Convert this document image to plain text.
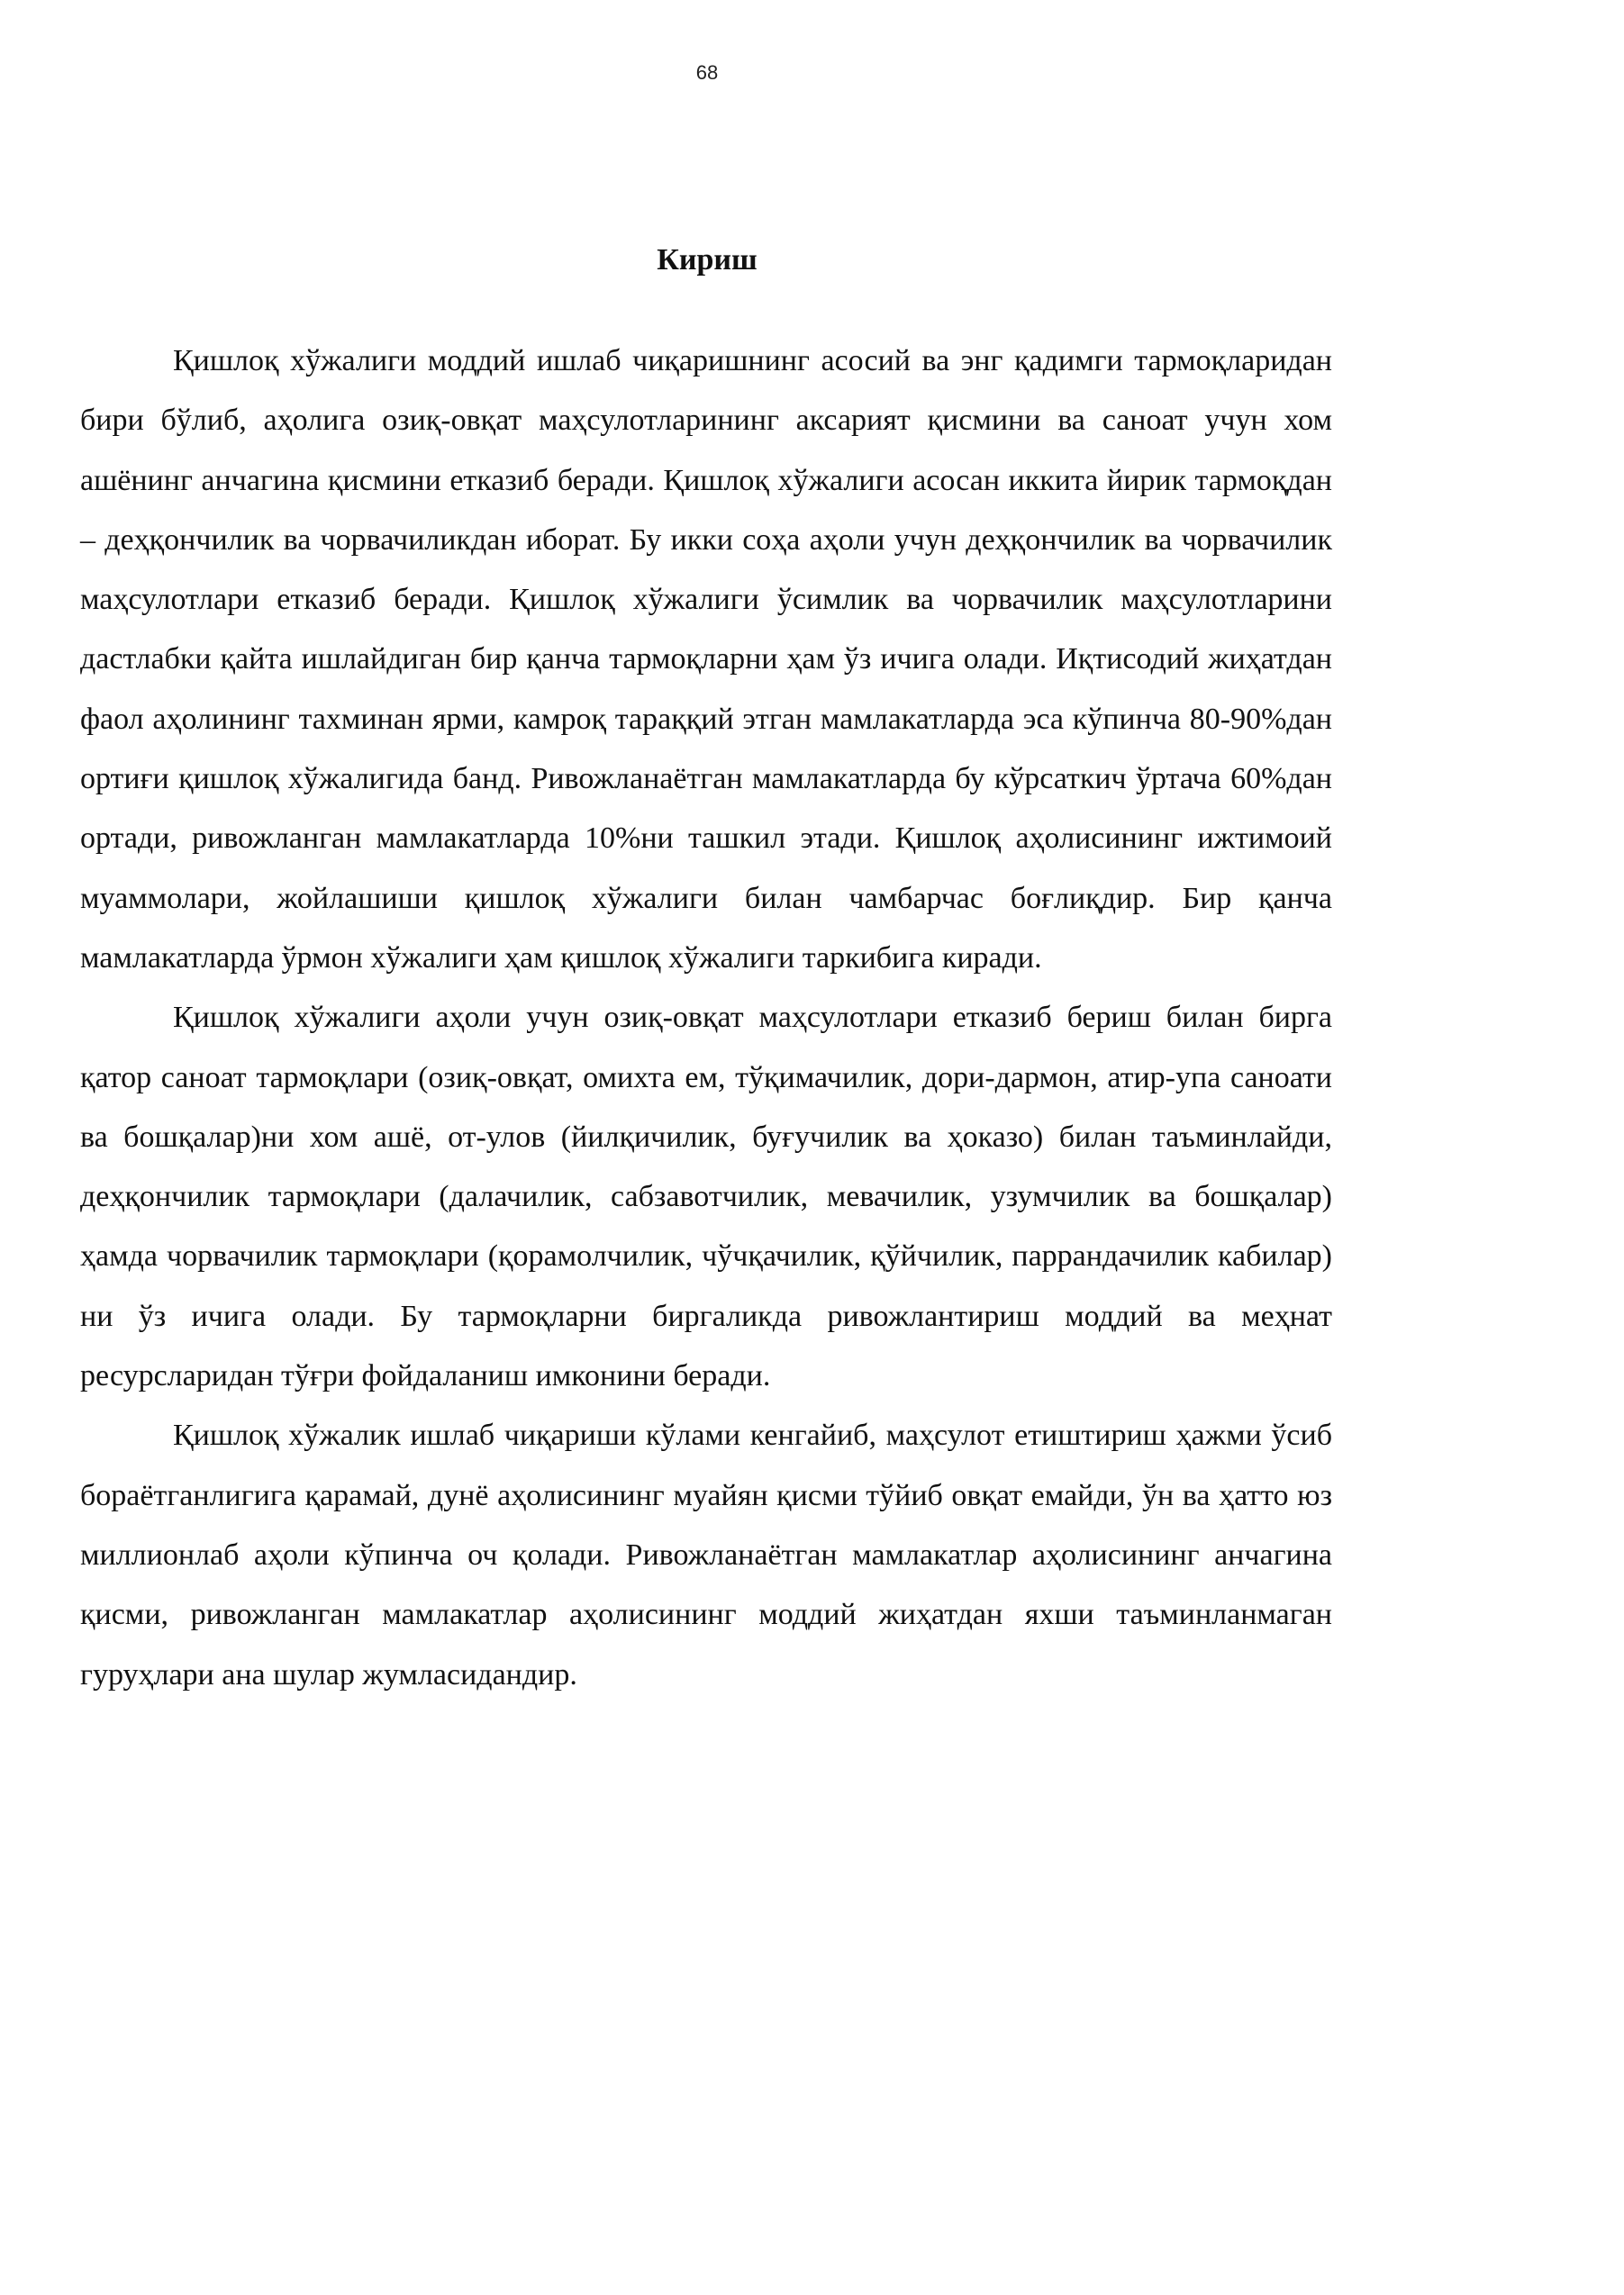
68
Кириш

Қишлоқ хўжалиги моддий ишлаб чиқаришнинг асосий ва энг қадимги тармоқларидан бири бўлиб, аҳолига озиқ-овқат маҳсулотларининг аксарият қисмини ва саноат учун хом ашёнинг анчагина қисмини етказиб беради. Қишлоқ хўжалиги асосан иккита йирик тармоқдан – деҳқончилик ва чорвачиликдан иборат. Бу икки соҳа аҳоли учун деҳқончилик ва чорвачилик маҳсулотлари етказиб беради. Қишлоқ хўжалиги ўсимлик ва чорвачилик маҳсулотларини дастлабки қайта ишлайдиган бир қанча тармоқларни ҳам ўз ичига олади. Иқтисодий жиҳатдан фаол аҳолининг тахминан ярми, камроқ тараққий этган мамлакатларда эса кўпинча 80-90%дан ортиғи қишлоқ хўжалигида банд. Ривожланаётган мамлакатларда бу кўрсаткич ўртача 60%дан ортади, ривожланган мамлакатларда 10%ни ташкил этади. Қишлоқ аҳолисининг ижтимоий муаммолари, жойлашиши қишлоқ хўжалиги билан чамбарчас боғлиқдир. Бир қанча мамлакатларда ўрмон хўжалиги ҳам қишлоқ хўжалиги таркибига киради.

Қишлоқ хўжалиги аҳоли учун озиқ-овқат маҳсулотлари етказиб бериш билан бирга қатор саноат тармоқлари (озиқ-овқат, омихта ем, тўқимачилик, дори-дармон, атир-упа саноати ва бошқалар)ни хом ашё, от-улов (йилқичилик, буғучилик ва ҳоказо) билан таъминлайди, деҳқончилик тармоқлари (далачилик, сабзавотчилик, мевачилик, узумчилик ва бошқалар) ҳамда чорвачилик тармоқлари (қорамолчилик, чўчқачилик, қўйчилик, паррандачилик кабилар) ни ўз ичига олади. Бу тармоқларни биргаликда ривожлантириш моддий ва меҳнат ресурсларидан тўғри фойдаланиш имконини беради.

Қишлоқ хўжалик ишлаб чиқариши кўлами кенгайиб, маҳсулот етиштириш ҳажми ўсиб бораётганлигига қарамай, дунё аҳолисининг муайян қисми тўйиб овқат емайди, ўн ва ҳатто юз миллионлаб аҳоли кўпинча оч қолади. Ривожланаётган мамлакатлар аҳолисининг анчагина қисми, ривожланган мамлакатлар аҳолисининг моддий жиҳатдан яхши таъминланмаган гуруҳлари ана шулар жумласидандир.
